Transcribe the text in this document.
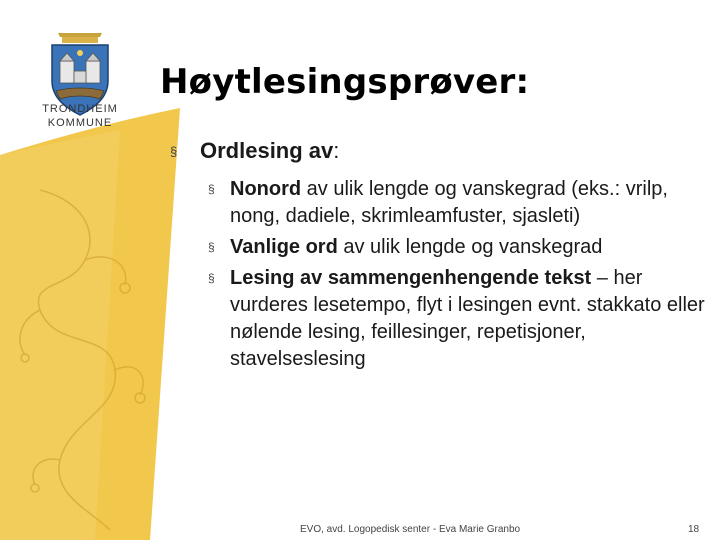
TRONDHEIM
KOMMUNE
Høytlesingsprøver:
§ Ordlesing av:
§ Nonord av ulik lengde og vanskegrad (eks.: vrilp, nong, dadiele, skrimleamfuster, sjasleti)
§ Vanlige ord av ulik lengde og vanskegrad
§ Lesing av sammengenhengende tekst – her vurderes lesetempo, flyt i lesingen evnt. stakkato eller nølende lesing, feillesinger, repetisjoner, stavelseslesing
EVO, avd. Logopedisk senter - Eva Marie Granbo	18
